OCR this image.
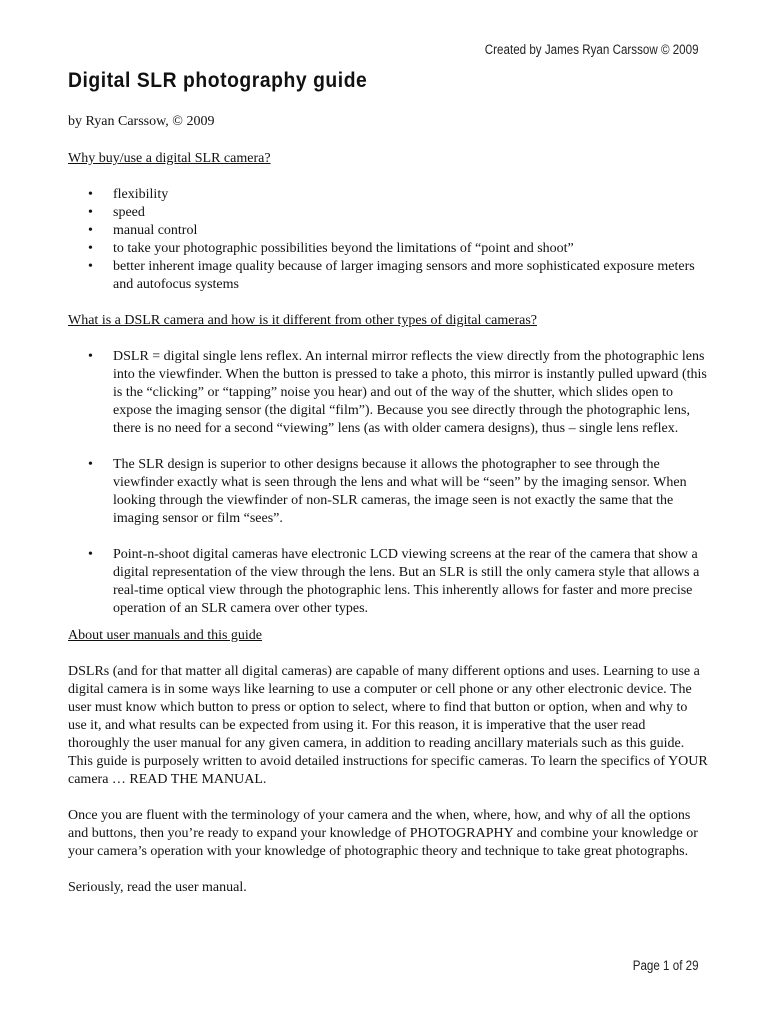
Created by James Ryan Carssow © 2009
Digital SLR photography guide

by Ryan Carssow, © 2009

Why buy/use a digital SLR camera?

• flexibility
• speed
• manual control
• to take your photographic possibilities beyond the limitations of “point and shoot”
• better inherent image quality because of larger imaging sensors and more sophisticated exposure meters and autofocus systems

What is a DSLR camera and how is it different from other types of digital cameras?

• DSLR = digital single lens reflex. An internal mirror reflects the view directly from the photographic lens into the viewfinder. When the button is pressed to take a photo, this mirror is instantly pulled upward (this is the “clicking” or “tapping” noise you hear) and out of the way of the shutter, which slides open to expose the imaging sensor (the digital “film”). Because you see directly through the photographic lens, there is no need for a second “viewing” lens (as with older camera designs), thus – single lens reflex.
• The SLR design is superior to other designs because it allows the photographer to see through the viewfinder exactly what is seen through the lens and what will be “seen” by the imaging sensor. When looking through the viewfinder of non-SLR cameras, the image seen is not exactly the same that the imaging sensor or film “sees”.
• Point-n-shoot digital cameras have electronic LCD viewing screens at the rear of the camera that show a digital representation of the view through the lens. But an SLR is still the only camera style that allows a real-time optical view through the photographic lens. This inherently allows for faster and more precise operation of an SLR camera over other types.

About user manuals and this guide

DSLRs (and for that matter all digital cameras) are capable of many different options and uses. Learning to use a digital camera is in some ways like learning to use a computer or cell phone or any other electronic device. The user must know which button to press or option to select, where to find that button or option, when and why to use it, and what results can be expected from using it. For this reason, it is imperative that the user read thoroughly the user manual for any given camera, in addition to reading ancillary materials such as this guide. This guide is purposely written to avoid detailed instructions for specific cameras. To learn the specifics of YOUR camera … READ THE MANUAL.

Once you are fluent with the terminology of your camera and the when, where, how, and why of all the options and buttons, then you’re ready to expand your knowledge of PHOTOGRAPHY and combine your knowledge or your camera’s operation with your knowledge of photographic theory and technique to take great photographs.

Seriously, read the user manual.

Page 1 of 29
